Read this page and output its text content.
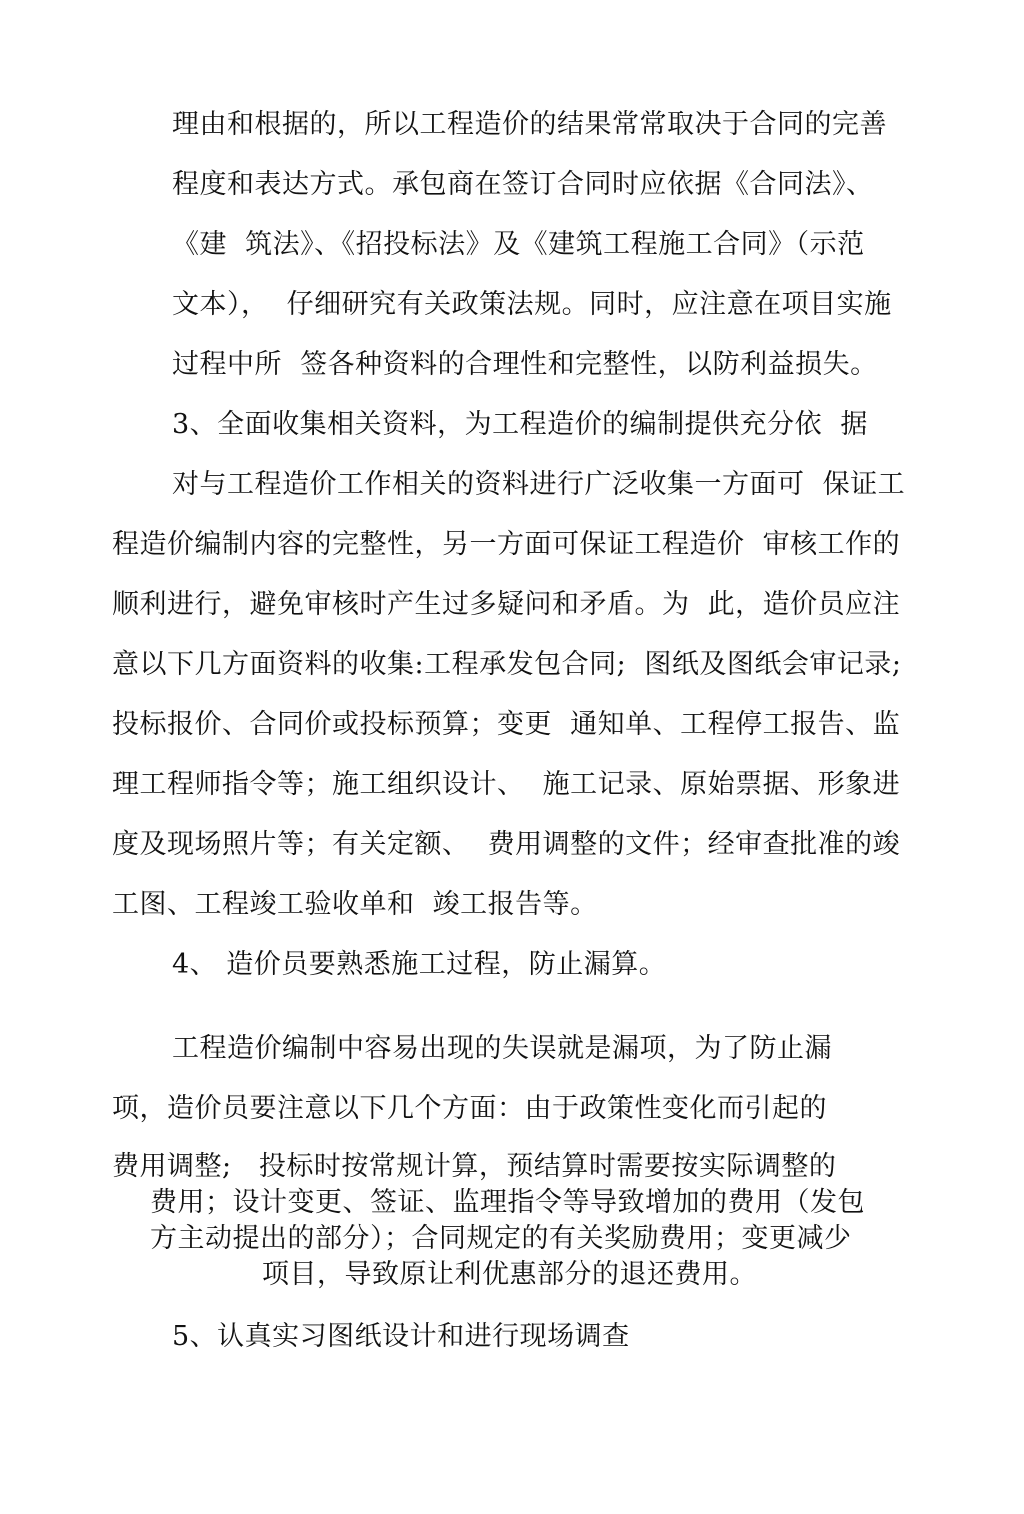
理由和根据的，所以工程造价的结果常常取决于合同的完善
程度和表达方式。承包商在签订合同时应依据《合同法》、
《建  筑法》、《招投标法》及《建筑工程施工合同》（示范
文本），  仔细研究有关政策法规。同时，应注意在项目实施
过程中所  签各种资料的合理性和完整性，以防利益损失。
3、全面收集相关资料，为工程造价的编制提供充分依  据
对与工程造价工作相关的资料进行广泛收集一方面可  保证工
程造价编制内容的完整性，另一方面可保证工程造价  审核工作的
顺利进行，避免审核时产生过多疑问和矛盾。为  此，造价员应注
意以下几方面资料的收集:工程承发包合同;  图纸及图纸会审记录;
投标报价、合同价或投标预算；变更  通知单、工程停工报告、监
理工程师指令等；施工组织设计、  施工记录、原始票据、形象进
度及现场照片等；有关定额、  费用调整的文件；经审查批准的竣
工图、工程竣工验收单和  竣工报告等。
4、 造价员要熟悉施工过程，防止漏算。
工程造价编制中容易出现的失误就是漏项，为了防止漏
项，造价员要注意以下几个方面：由于政策性变化而引起的
费用调整;   投标时按常规计算，预结算时需要按实际调整的
费用；设计变更、签证、监理指令等导致增加的费用（发包
方主动提出的部分）；合同规定的有关奖励费用；变更减少
项目，导致原让利优惠部分的退还费用。
5、认真实习图纸设计和进行现场调查
